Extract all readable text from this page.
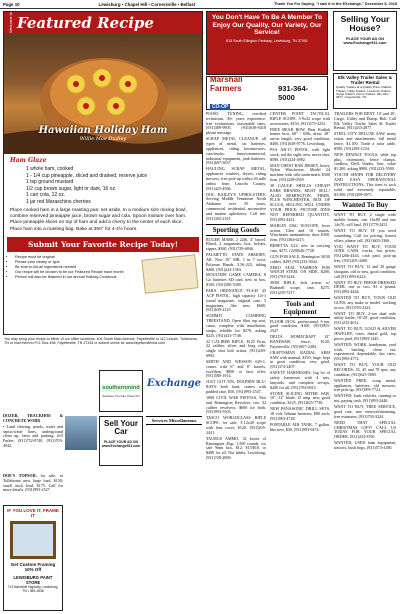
Page 10	Lewisburg • Chapel Hill • Cornersville • Belfast	Thank You For Saying, "I saw it in the EXchange," December 5, 2018
Welcome to Featured Recipe
Hawaiian Holiday Ham
Willie Mae Dudley
Ham Glaze
1 whole ham, cooked
1 - 1/4 cup pineapple, sliced and drained, reserve juice
1 tsp ground mustard
1/2 cup brown sugar, light or dark, 16 oz.
1 can cola, 12 oz.
1 jar red Maraschino cherries

Place cooked ham in a large roasting pan; set aside. In a medium size mixing bowl, combine reserved pineapple juice, brown sugar and cola. Spoon mixture over ham. Place pineapple slices on top of ham and add a cherry to the center of each slice. Place ham into a roasting bag. Bake at 350° for 4-4½ hours.

Submit Your Favorite Recipe Today!
• Recipe must be original
• Please print clearly or type
• Be sure to list all ingredients needed
• Our recipe will be chosen to be our Featured Recipe each month
• Person will also be featured in our annual Holiday Cookbook

You may bring your recipe to either of our office locations: 404 South Main Avenue, Fayetteville or 112 Lincoln, Tullahoma, TN or mail them to P.O. Box 496, Fayetteville, TN 37334 or submit online at: www.fayettevillextra.com

You Don't Have To Be A Member To Enjoy Our Quality, Our Variety, Our Service!
815 South Ellington Parkway, Lewisburg, TN 37091
Marshall Farmers
CO-OP
931-364-5000

PIANO TUNING, certified technician, 30+ years experience, free evaluations, reasonable rates, (931)389-9905, (931)638-9418 please message.

SCRAP METAL CLEANUP, all types of metal, car batteries, appliances, riding lawnmowers, cars/trucks, farm/commercial, industrial equipment, junk batteries. (931)607-3637.

HAULING SCRAP METAL, appliances washers, dryers, riding mowers, free pick-up within 20 mile radius from Lincoln County, (931)425-4566.

DOC BAILEY'S UPHOLSTERY, Serving Middle Tennessee North Alabama over 50 years, commercial, residential, automotive and marine upholstery. Call me, (931)302-2167.

Sporting Goods

RUGER MARK 2 22lb, 4" barrel, Blued, 2 magazines, box, holster, zipper, $360, (931)729-6846.

PALMETTO STATE ARMORY, AR. New 16" MB, 1 in 7 twist, Polymer Hands, 5.56-223, taking $400, (931)224-1563.

MOULTRIE GAME CAMERA, 8 Go batteries SD card, new in box, $100, (931)580-5300.

PARA ORDNANCE P14-45 45 ACP PISTOL, high capacity 14+1 round magazine, original case, 3 magazines, like new, $600, (931)639-2123.

SUMMIT CLIMBING TREESTAND, Open Shot top seat, camo, complete with installation, straps, reliable for $270, asking $225. (931)433-7748.

22 CALIBER RIFLE, $125 Firm, 22 caliber, silver and long rifle, single shot bolt action, (931)249-6993.

SMITH AND WESSON 629-1, comes with 6" and 8" barrels, excellent, $800 or best offer, (931)580-1914.

JUST GOT 50% DOLPHIN BLU-RAYS both hard, comes with padded case, $50, (931)993-2547.

1869 CIVIL WAR PISTOLS, Pair and Remington Revolver, two 32 caliber revolvers, $600 for both, (931)993-5503.

TASCO WORLDCLASS RIFLE SCOPE, for sale, 3-12x40 scope with lens cover, $120, (931)205-2441.

TAURUS AMMO, 32 boxes of Remington 45gr, 1,500 rounds, for sale 9mm box, $12; $15/$10, or $480 for all. Not labels, Lewisburg, (931)728-2869.

CENTER POINT TACTICAL RIFLE SCOPE, 3-9x32 scope with accessories, $150, (931)375-4252.

FREE BEAR BOW, Bear Kodiak hunter bow, 60" - 65lb, draw, 28" arrow length, very good condition, $400, (931)638-9776, Lewisburg.

PSA AR-15 PISTOL with light stock, red dot sight, new, never shot, $580. (931)224-4982.

MAN CHEST BAR JERSEY, heavy Nylon Winchester, Model 24 machine with rifle underneath, $500 firm, (931)328-0549.

38 GAUGE SHELLS CHEAP! RARE BRANDS, MUST SELL! ALSO REMINGTON, FIBER, PLUS WINCHESTER, BOX OF SLUGS, SELLING WILL UNDER YOUR PRICE; PICTURE IDNS NOT REFERRED QUANTITY, (931)993-4441.

MARLIN 336C W/SCOPE, lever action, Glen and 10 rounds, Winchester ammunition, door $300, firm, (931)364-6215.

BERETTA U22, new in carrying case, $275. (229)626-7728.

GUN FOR SALE, Remington 30/30 caliber, $295 (931)233-3044.

ZERO SEAL FASHION FOR WATCH STEEL ON SIDE, $200, (931)703-3244.

30/06 RIFLE, bolt action w/ Bushnell scope, case, $275, (931)235-7217.

Tools and Equipment

FLOOR JACK, professional, 3-ton, good condition, $100, (931)993-2547.

DELTA HOMECRAFT 14" BANDSAW, fence, $120, Fayetteville, (931)607-2484.

CRAFTSMAN RADIAL ARM SAW with manual, $150; large, kept in great condition, very good, (931)374-2407.

SAFETY HARNESSES, big lot of safety harnesses with 4 sets, lanyards, and complete set-ups, $200 for all, (931)704-8015.

STONE SLICING MITER SAW, 10", 12" blade, 15 amp, new, good condition, $125, (931)625-7730.

NEW PANASONIC DRILL SETS, 18 volt, lithium batteries, $80 each, (931)993-4728.

PORTABLE AIR TANK, 7 gallon, like new, $30, (931)993-9474.

Selling Your House?
PLACE YOUR AD ON www.Exchange931.com
Elk Valley Trailer Sales & Trailer Rental
Quality Trailers at a Quality Price; Flatbed Trailers, Utility Trailers, Livestock Trailers, Cargo Trailers, Dump Trailers. 931-433-2877 • Fayetteville, TN

TRAILERS FOR RENT, 10' and 20', Cargo, Utility and Dump, Bolt, Call Elk Valley Trailer Sales & Trailer Rental, (931)433-2877.

STEEL CITY DELUXE SAW, many extras and attachments, full metal fence, $1,100. Trade a rotor table, $500, (931)209-1234.

NEW DEWALT TOOLS, table top plus, extensions, fence clamps, cordless, Drill, blades, Saw, value $1,200, asking $800, (931)233-5500.

YOUTH SHOPS FOR DELIVERY AND EASY OPERATIONAL INSTRUCTIONS, This item is rock solid and extremely repairable, $3,500, (931)209-0071.

Wanted To Buy

WANT TO BUY, 2 single wide mobile homes, one 16x80 and one 14x70, will haul, (931)779-2451.

WANT TO BUY, IF you need something, Call for pricing, honest offers, please call, (931)603-3366.

YOU WANT TO BUY, YOUR JUNK CARS, trucks, fair prices, (931)266-4443, cash paid, pick-up free, (931)205-4400.

WANT TO BUY, 12 and 20 gauge shotguns, old or new, good condition, call (931)993-6224.

WANT TO BUY, FRESH DRESSED DEER, one or two, $1 a pound, (931)993-4444.

WANTED TO BUY, YOUR OLD GUNS, any make or model, working or not, (931)703-2323.

WANT TO BUY, 2-ton dual axle utility trailer, 18'-20', good condition, (931)233-4012.

WANT TO BUY, GOLD & SILVER JEWELRY, coins, dental gold, top prices paid, (931)993-1445.

WANTED: WORK, handyman, yard work, hauling, clean out, experienced, dependable, fair rates, (931)993-4772.

WANT TO BUY, YOUR OLD RECORDS, 33, 45 and 78 rpm, any condition, (931)625-5005.

WANTED FREE, scrap metal, appliances, batteries, old mowers, free pick up, (931)993-7722.

WANTED: Junk vehicles, running or not, paying cash, (931)993-2440.

WANT TO BUY, TREE SERVICE, good rate, tree removal/trimming, free estimates, (931)703-3224.

NEED THAT SPECIAL CHRISTMAS GIFT? CALL US TODAY FOR YOUR SPECIAL ORDER, (931)433-5550.

WANTED, USED farm equipment, tractors, bush hogs, (931)573-4180.

southernmind
Services You Can Count On
Exchange

DOZER, TRACKHOE & CONCRETE WORK

• Land clearing, ponds, water and septic/water lines, underground clean up, farm and parking, Jeff Parker, (931)752-0740, (931)703-4942.

DOE'S TOPSOIL for sale, to Tullahoma area, large load, $150; small truck load, $175. Call for more details, (931)993-2527.

IF YOU LOVE IT, FRAME IT
Get Custom Framing 10% Off
LEWISBURG PAINT STORE
713 Nashville Highway, Lewisburg, TN • 359-1838
Sell Your Car
PLACE YOUR AD ON www.Exchange931.com
Services Miscellaneous
